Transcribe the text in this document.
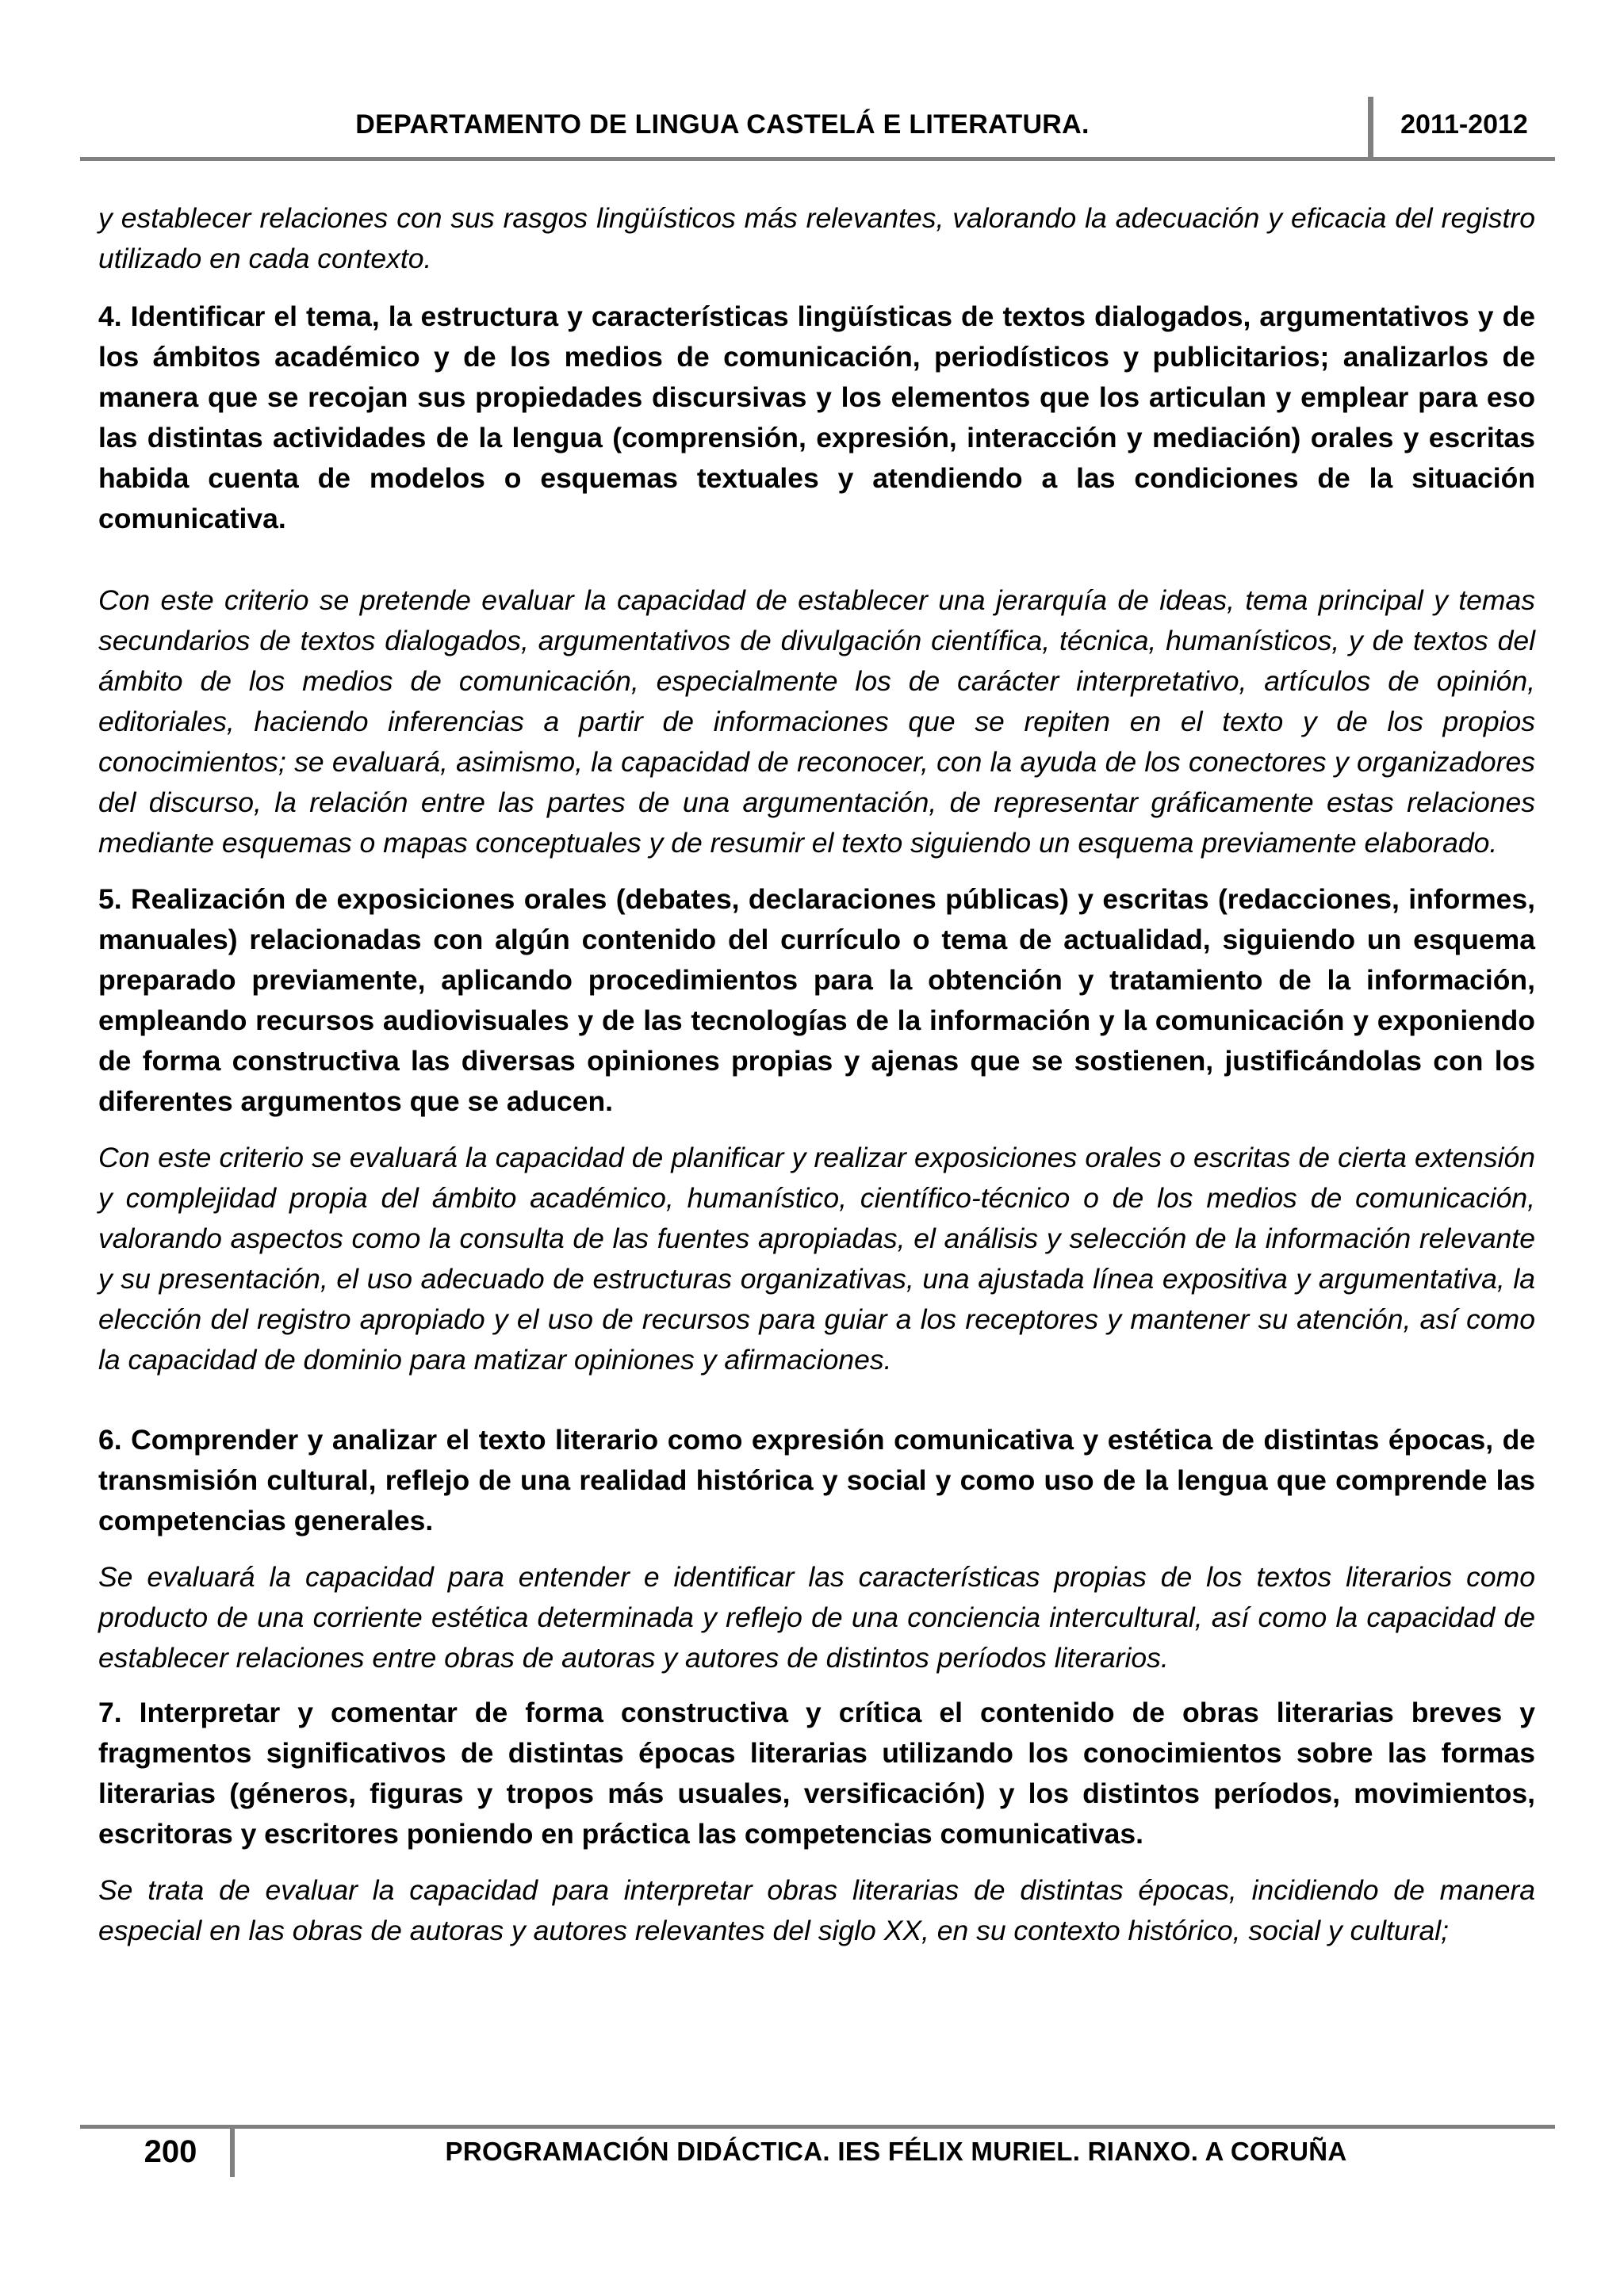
DEPARTAMENTO DE LINGUA CASTELÁ E LITERATURA.	2011-2012

y establecer relaciones con sus rasgos lingüísticos más relevantes, valorando la adecuación y eficacia del registro utilizado en cada contexto.

4. Identificar el tema, la estructura y características lingüísticas de textos dialogados, argumentativos y de los ámbitos académico y de los medios de comunicación, periodísticos y publicitarios; analizarlos de manera que se recojan sus propiedades discursivas y los elementos que los articulan y emplear para eso las distintas actividades de la lengua (comprensión, expresión, interacción y mediación) orales y escritas habida cuenta de modelos o esquemas textuales y atendiendo a las condiciones de la situación comunicativa.

Con este criterio se pretende evaluar la capacidad de establecer una jerarquía de ideas, tema principal y temas secundarios de textos dialogados, argumentativos de divulgación científica, técnica, humanísticos, y de textos del ámbito de los medios de comunicación, especialmente los de carácter interpretativo, artículos de opinión, editoriales, haciendo inferencias a partir de informaciones que se repiten en el texto y de los propios conocimientos; se evaluará, asimismo, la capacidad de reconocer, con la ayuda de los conectores y organizadores del discurso, la relación entre las partes de una argumentación, de representar gráficamente estas relaciones mediante esquemas o mapas conceptuales y de resumir el texto siguiendo un esquema previamente elaborado.

5. Realización de exposiciones orales (debates, declaraciones públicas) y escritas (redacciones, informes, manuales) relacionadas con algún contenido del currículo o tema de actualidad, siguiendo un esquema preparado previamente, aplicando procedimientos para la obtención y tratamiento de la información, empleando recursos audiovisuales y de las tecnologías de la información y la comunicación y exponiendo de forma constructiva las diversas opiniones propias y ajenas que se sostienen, justificándolas con los diferentes argumentos que se aducen.

Con este criterio se evaluará la capacidad de planificar y realizar exposiciones orales o escritas de cierta extensión y complejidad propia del ámbito académico, humanístico, científico-técnico o de los medios de comunicación, valorando aspectos como la consulta de las fuentes apropiadas, el análisis y selección de la información relevante y su presentación, el uso adecuado de estructuras organizativas, una ajustada línea expositiva y argumentativa, la elección del registro apropiado y el uso de recursos para guiar a los receptores y mantener su atención, así como la capacidad de dominio para matizar opiniones y afirmaciones.

6. Comprender y analizar el texto literario como expresión comunicativa y estética de distintas épocas, de transmisión cultural, reflejo de una realidad histórica y social y como uso de la lengua que comprende las competencias generales.

Se evaluará la capacidad para entender e identificar las características propias de los textos literarios como producto de una corriente estética determinada y reflejo de una conciencia intercultural, así como la capacidad de establecer relaciones entre obras de autoras y autores de distintos períodos literarios.

7. Interpretar y comentar de forma constructiva y crítica el contenido de obras literarias breves y fragmentos significativos de distintas épocas literarias utilizando los conocimientos sobre las formas literarias (géneros, figuras y tropos más usuales, versificación) y los distintos períodos, movimientos, escritoras y escritores poniendo en práctica las competencias comunicativas.

Se trata de evaluar la capacidad para interpretar obras literarias de distintas épocas, incidiendo de manera especial en las obras de autoras y autores relevantes del siglo XX, en su contexto histórico, social y cultural;

200	PROGRAMACIÓN DIDÁCTICA. IES FÉLIX MURIEL. RIANXO. A CORUÑA
